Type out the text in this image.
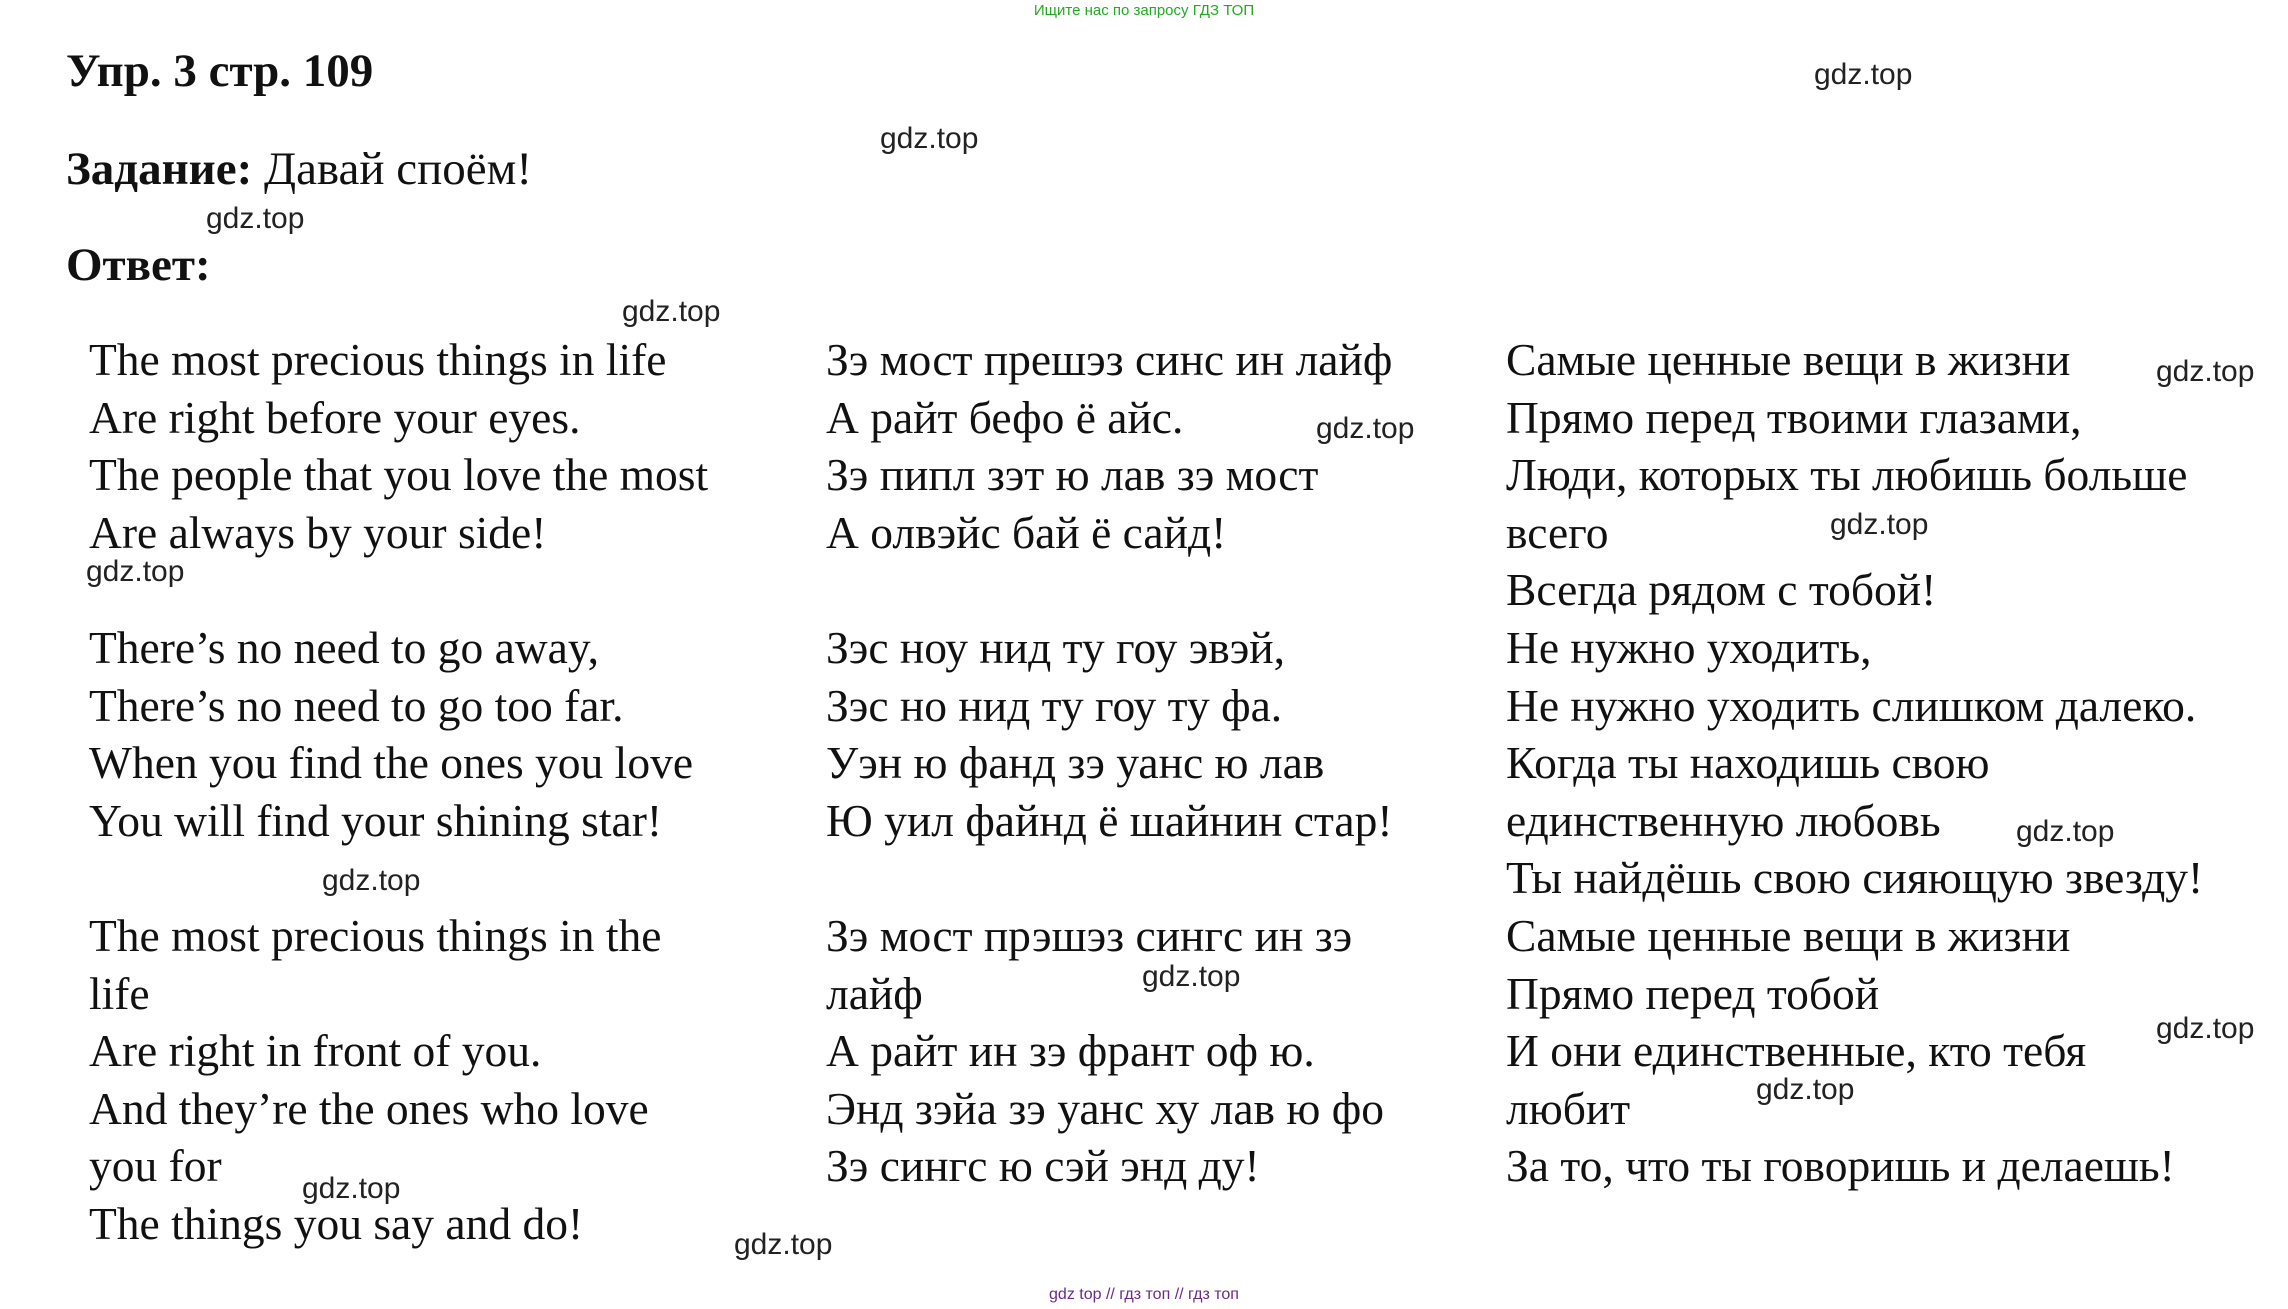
Ищите нас по запросу ГДЗ ТОП
Упр. 3 стр. 109
Задание: Давай споём!
Ответ:
The most precious things in life
Are right before your eyes.
The people that you love the most
Are always by your side!
There’s no need to go away,
There’s no need to go too far.
When you find the ones you love
You will find your shining star!
The most precious things in the
life
Are right in front of you.
And they’re the ones who love
you for
The things you say and do!
Зэ мост прешэз синс ин лайф
А райт бефо ё айс.
Зэ пипл зэт ю лав зэ мост
А олвэйс бай ё сайд!
Зэс ноу нид ту гоу эвэй,
Зэс но нид ту гоу ту фа.
Уэн ю фанд зэ уанс ю лав
Ю уил файнд ё шайнин стар!
Зэ мост прэшэз сингс ин зэ
лайф
А райт ин зэ франт оф ю.
Энд зэйа зэ уанс ху лав ю фо
Зэ сингс ю сэй энд ду!
Самые ценные вещи в жизни
Прямо перед твоими глазами,
Люди, которых ты любишь больше
всего
Всегда рядом с тобой!
Не нужно уходить,
Не нужно уходить слишком далеко.
Когда ты находишь свою
единственную любовь
Ты найдёшь свою сияющую звезду!
Самые ценные вещи в жизни
Прямо перед тобой
И они единственные, кто тебя
любит
За то, что ты говоришь и делаешь!
gdz.top
gdz.top
gdz.top
gdz.top
gdz.top
gdz.top
gdz.top
gdz.top
gdz.top
gdz.top
gdz.top
gdz.top
gdz.top
gdz.top
gdz.top
gdz top // гдз топ // гдз топ
